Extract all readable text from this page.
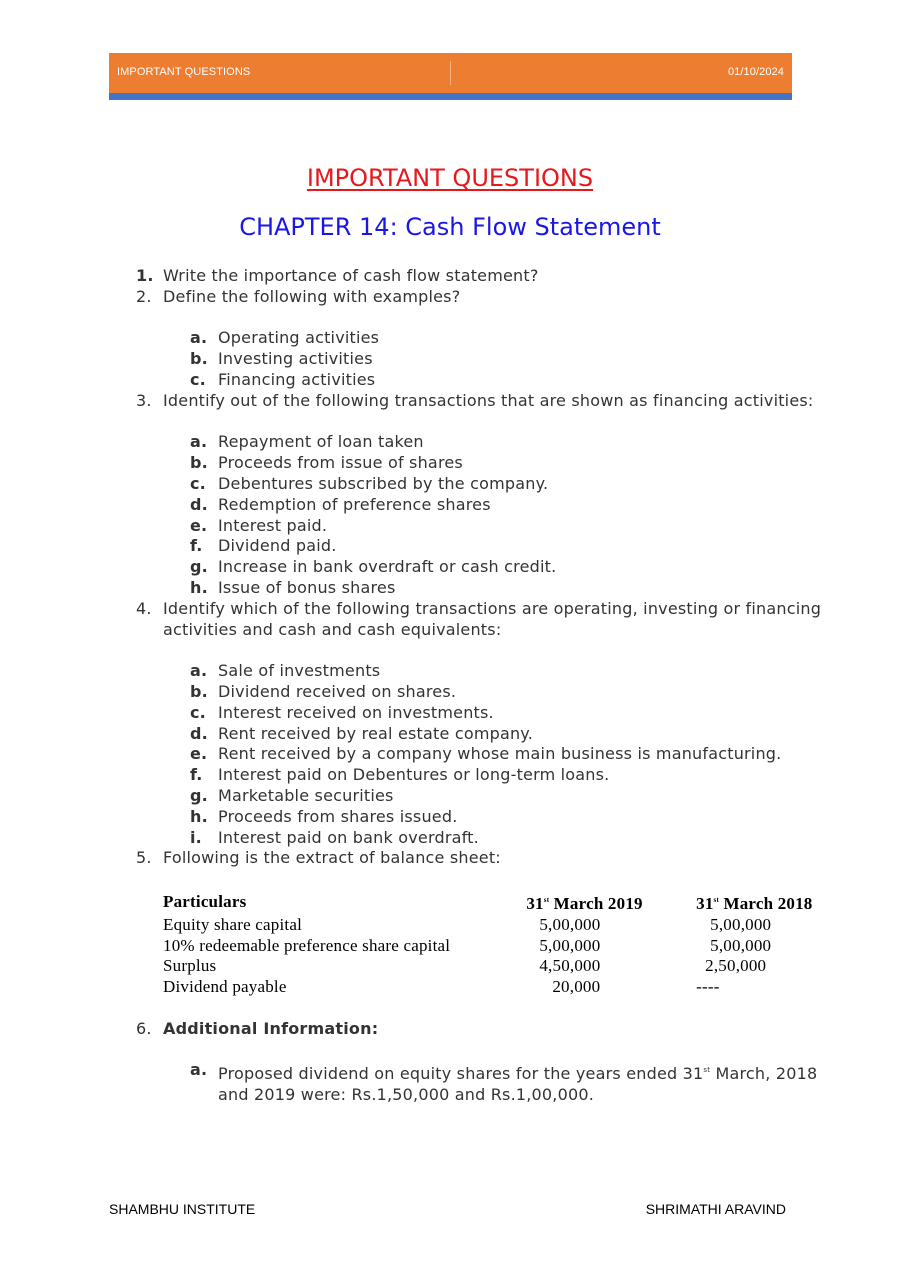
IMPORTANT QUESTIONS	01/10/2024
IMPORTANT QUESTIONS
CHAPTER 14: Cash Flow Statement
1. Write the importance of cash flow statement?
2. Define the following with examples?
a. Operating activities
b. Investing activities
c. Financing activities
3. Identify out of the following transactions that are shown as financing activities:
a. Repayment of loan taken
b. Proceeds from issue of shares
c. Debentures subscribed by the company.
d. Redemption of preference shares
e. Interest paid.
f. Dividend paid.
g. Increase in bank overdraft or cash credit.
h. Issue of bonus shares
4. Identify which of the following transactions are operating, investing or financing activities and cash and cash equivalents:
a. Sale of investments
b. Dividend received on shares.
c. Interest received on investments.
d. Rent received by real estate company.
e. Rent received by a company whose main business is manufacturing.
f. Interest paid on Debentures or long-term loans.
g. Marketable securities
h. Proceeds from shares issued.
i.	Interest paid on bank overdraft.
5. Following is the extract of balance sheet:
Particulars	31st March 2019	31st March 2018
Equity share capital	5,00,000	5,00,000
10% redeemable preference share capital	5,00,000	5,00,000
Surplus	4,50,000	2,50,000
Dividend payable	20,000	----
6. Additional Information:
a. Proposed dividend on equity shares for the years ended 31st March, 2018 and 2019 were: Rs.1,50,000 and Rs.1,00,000.
SHAMBHU INSTITUTE	SHRIMATHI ARAVIND
